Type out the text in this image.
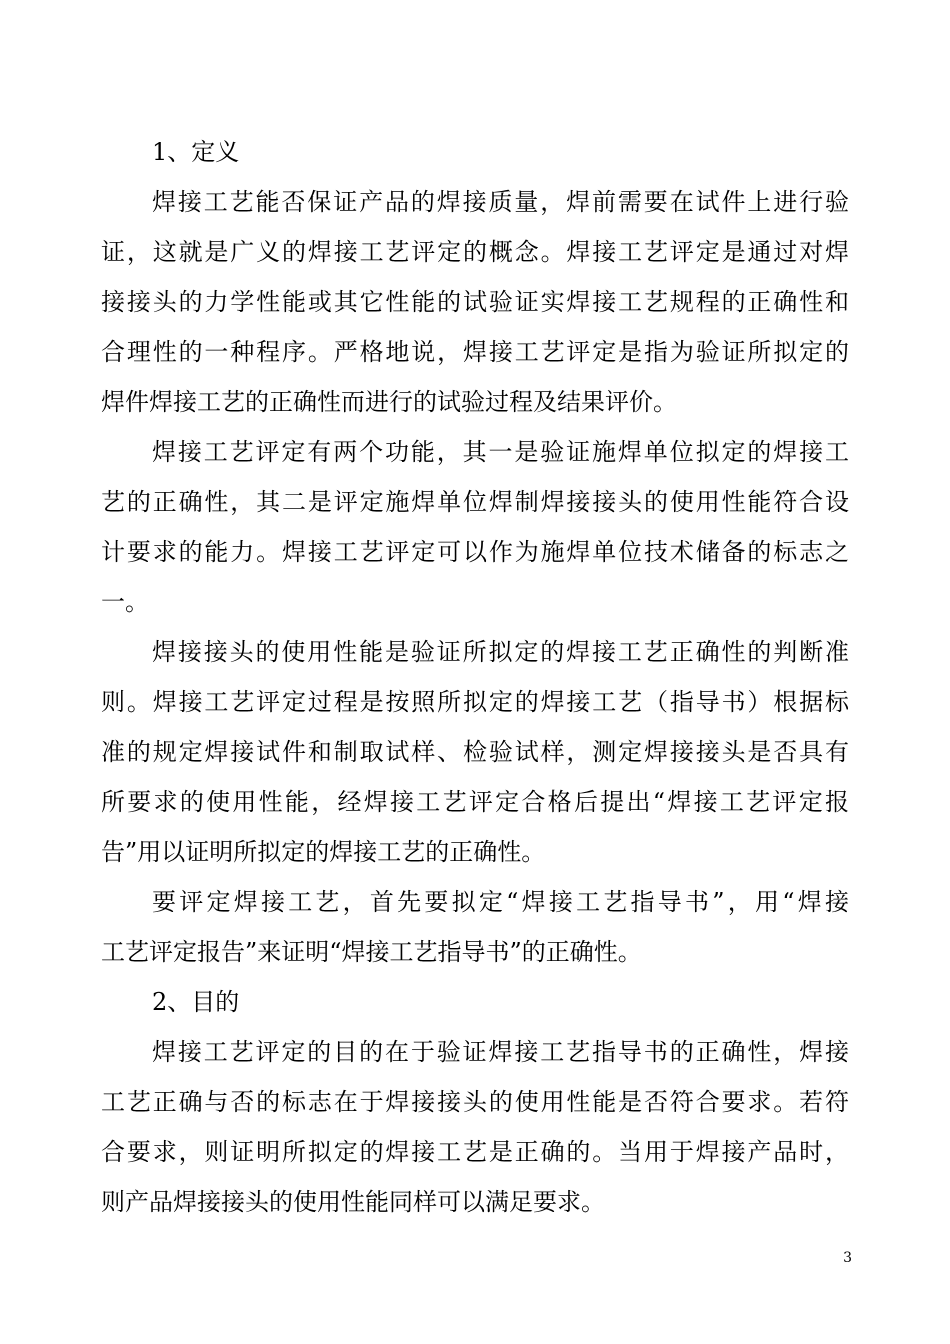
1、定义
焊接工艺能否保证产品的焊接质量，焊前需要在试件上进行验
证，这就是广义的焊接工艺评定的概念。焊接工艺评定是通过对焊
接接头的力学性能或其它性能的试验证实焊接工艺规程的正确性和
合理性的一种程序。严格地说，焊接工艺评定是指为验证所拟定的
焊件焊接工艺的正确性而进行的试验过程及结果评价。
焊接工艺评定有两个功能，其一是验证施焊单位拟定的焊接工
艺的正确性，其二是评定施焊单位焊制焊接接头的使用性能符合设
计要求的能力。焊接工艺评定可以作为施焊单位技术储备的标志之
一。
焊接接头的使用性能是验证所拟定的焊接工艺正确性的判断准
则。焊接工艺评定过程是按照所拟定的焊接工艺（指导书）根据标
准的规定焊接试件和制取试样、检验试样，测定焊接接头是否具有
所要求的使用性能，经焊接工艺评定合格后提出“焊接工艺评定报
告”用以证明所拟定的焊接工艺的正确性。
要评定焊接工艺，首先要拟定“焊接工艺指导书”，用“焊接
工艺评定报告”来证明“焊接工艺指导书”的正确性。
2、目的
焊接工艺评定的目的在于验证焊接工艺指导书的正确性，焊接
工艺正确与否的标志在于焊接接头的使用性能是否符合要求。若符
合要求，则证明所拟定的焊接工艺是正确的。当用于焊接产品时，
则产品焊接接头的使用性能同样可以满足要求。
3
